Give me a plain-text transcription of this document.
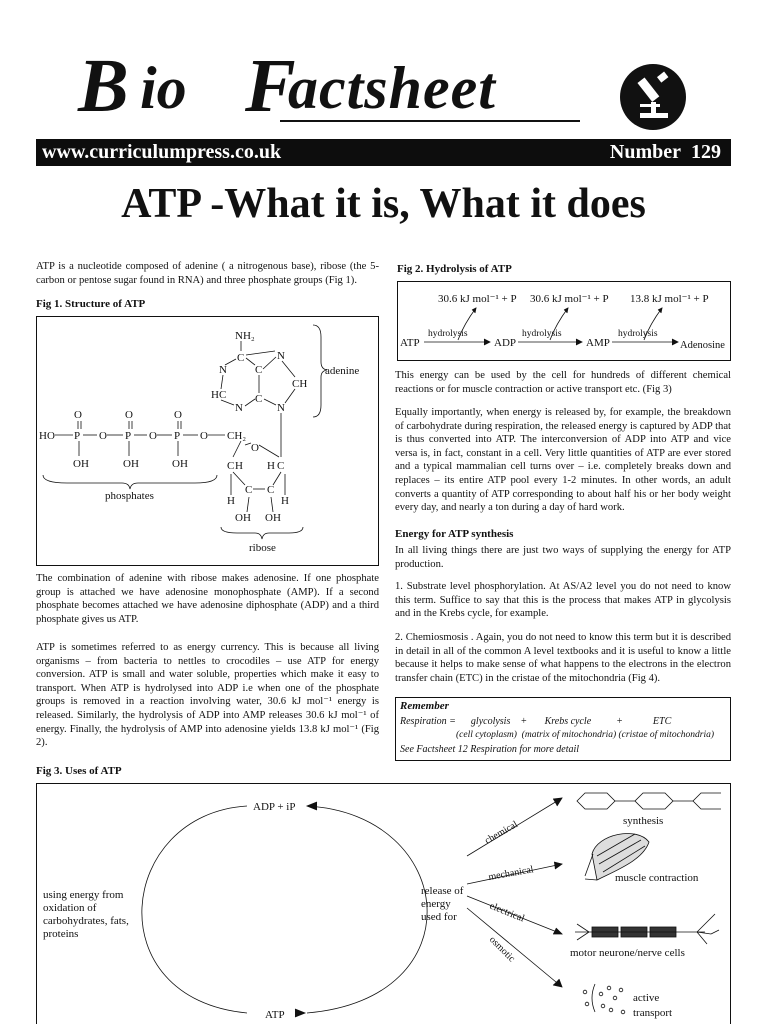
B io F
actsheet
www.curriculumpress.co.uk	Number 129
ATP -What it is, What it does

ATP is a nucleotide composed of adenine ( a nitrogenous base), ribose (the 5-carbon or pentose sugar found in RNA) and three phosphate groups (Fig 1).

Fig 1. Structure of ATP
NH₂
C	N
N	C
CH
HC	C
N	N
adenine
O	O	O
HO P O P O P O CH₂
OH	OH	OH
phosphates
O
C H H C
C C
H	H
OH OH
ribose

The combination of adenine with ribose makes adenosine. If one phosphate group is attached we have adenosine monophosphate (AMP). If a second phosphate becomes attached we have adenosine diphosphate (ADP) and a third phosphate gives us ATP.

ATP is sometimes referred to as energy currency. This is because all living organisms – from bacteria to nettles to crocodiles – use ATP for energy conversion. ATP is small and water soluble, properties which make it easy to transport. When ATP is hydrolysed into ADP i.e when one of the phosphate groups is removed in a reaction involving water, 30.6 kJ mol⁻¹ energy is released. Similarly, the hydrolysis of ADP into AMP releases 30.6 kJ mol⁻¹ of energy. Finally, the hydrolysis of AMP into adenosine yields 13.8 kJ mol⁻¹ (Fig 2).

Fig 3. Uses of ATP
Fig 2. Hydrolysis of ATP
30.6 kJ mol⁻¹ + P 30.6 kJ mol⁻¹ + P 13.8 kJ mol⁻¹ + P
ATP	ADP	AMP	Adenosine
hydrolysis	hydrolysis	hydrolysis

This energy can be used by the cell for hundreds of different chemical reactions or for muscle contraction or active transport etc. (Fig 3)

Equally importantly, when energy is released by, for example, the breakdown of carbohydrate during respiration, the released energy is captured by ADP that is thus converted into ATP. The interconversion of ADP into ATP and vice versa is, in fact, constant in a cell. Very little quantities of ATP are ever stored and a typical mammalian cell turns over – i.e. completely breaks down and replaces – its entire ATP pool every 1-2 minutes. In other words, an adult converts a quantity of ATP corresponding to about half his or her body weight every day, and nearly a ton during a day of hard work.

Energy for ATP synthesis

In all living things there are just two ways of supplying the energy for ATP production.

1. Substrate level phosphorylation. At AS/A2 level you do not need to know this term. Suffice to say that this is the process that makes ATP in glycolysis and in the Krebs cycle, for example.

2. Chemiosmosis . Again, you do not need to know this term but it is described in detail in all of the common A level textbooks and it is useful to know a little because it helps to make sense of what happens to the electrons in the electron transfer chain (ETC) in the cristae of the mitochondria (Fig 4).

Remember
Respiration =      glycolysis    +       Krebs cycle          +            ETC
(cell cytoplasm)  (matrix of mitochondria) (cristae of mitochondria)
See Factsheet 12 Respiration for more detail
ADP + iP
ATP
using energy from
oxidation of
carbohydrates, fats,
proteins
release of
energy
used for
synthesis
muscle contraction
motor neurone/nerve cells
active
transport
chemical
mechanical
electrical
osmotic
